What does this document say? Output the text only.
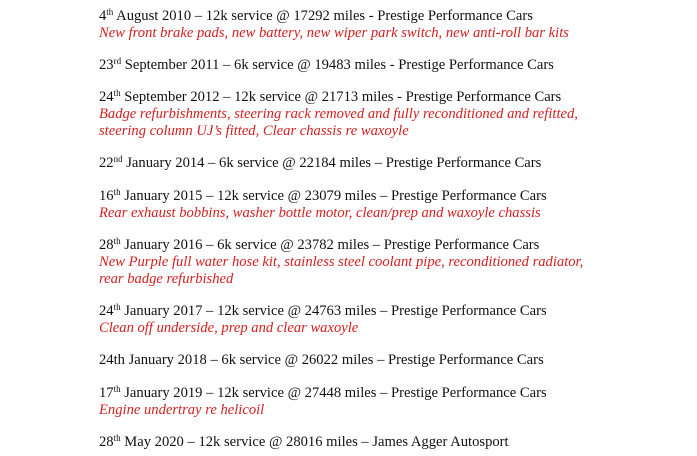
4th August 2010 – 12k service @ 17292 miles - Prestige Performance Cars
New front brake pads, new battery, new wiper park switch, new anti-roll bar kits
23rd September 2011 – 6k service @ 19483 miles - Prestige Performance Cars
24th September 2012 – 12k service @ 21713 miles - Prestige Performance Cars
Badge refurbishments, steering rack removed and fully reconditioned and refitted,
steering column UJ’s fitted, Clear chassis re waxoyle
22nd January 2014 – 6k service @ 22184 miles – Prestige Performance Cars
16th January 2015 – 12k service @ 23079 miles – Prestige Performance Cars
Rear exhaust bobbins, washer bottle motor, clean/prep and waxoyle chassis
28th January 2016 – 6k service @ 23782 miles – Prestige Performance Cars
New Purple full water hose kit, stainless steel coolant pipe, reconditioned radiator,
rear badge refurbished
24th January 2017 – 12k service @ 24763 miles – Prestige Performance Cars
Clean off underside, prep and clear waxoyle
24th January 2018 – 6k service @ 26022 miles – Prestige Performance Cars
17th January 2019 – 12k service @ 27448 miles – Prestige Performance Cars
Engine undertray re helicoil
28th May 2020 – 12k service @ 28016 miles – James Agger Autosport
